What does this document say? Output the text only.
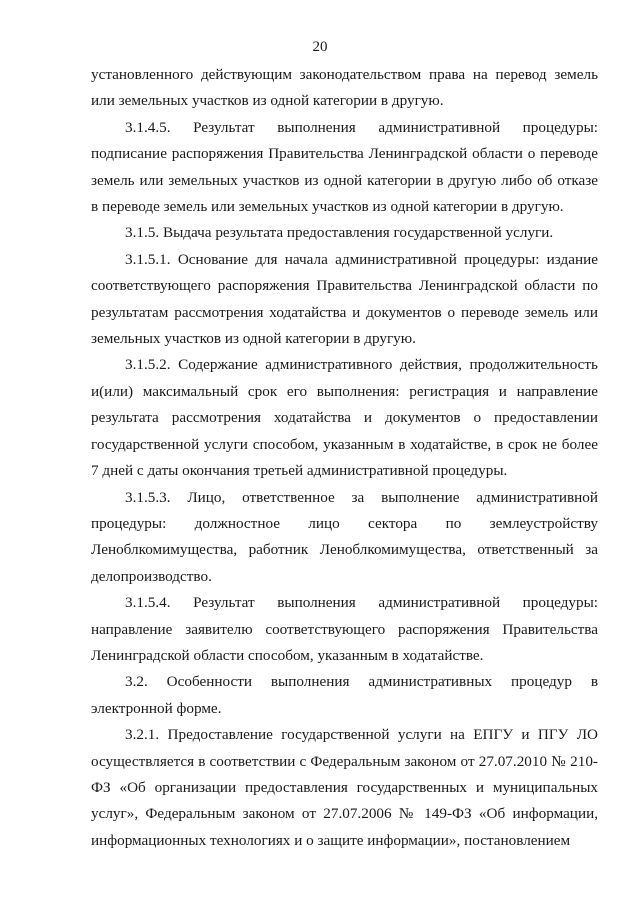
20
установленного действующим законодательством права на перевод земель
или земельных участков из одной категории в другую.
3.1.4.5. Результат выполнения административной процедуры:
подписание распоряжения Правительства Ленинградской области о переводе
земель или земельных участков из одной категории в другую либо об отказе
в переводе земель или земельных участков из одной категории в другую.
3.1.5. Выдача результата предоставления государственной услуги.
3.1.5.1. Основание для начала административной процедуры: издание
соответствующего распоряжения Правительства Ленинградской области по
результатам рассмотрения ходатайства и документов о переводе земель или
земельных участков из одной категории в другую.
3.1.5.2. Содержание административного действия, продолжительность
и(или) максимальный срок его выполнения: регистрация и направление
результата рассмотрения ходатайства и документов о предоставлении
государственной услуги способом, указанным в ходатайстве, в срок не более
7 дней с даты окончания третьей административной процедуры.
3.1.5.3. Лицо, ответственное за выполнение административной
процедуры: должностное лицо сектора по землеустройству
Леноблкомимущества, работник Леноблкомимущества, ответственный за
делопроизводство.
3.1.5.4. Результат выполнения административной процедуры:
направление заявителю соответствующего распоряжения Правительства
Ленинградской области способом, указанным в ходатайстве.
3.2. Особенности выполнения административных процедур в
электронной форме.
3.2.1. Предоставление государственной услуги на ЕПГУ и ПГУ ЛО
осуществляется в соответствии с Федеральным законом от 27.07.2010 № 210-
ФЗ «Об организации предоставления государственных и муниципальных
услуг», Федеральным законом от 27.07.2006 № 149-ФЗ «Об информации,
информационных технологиях и о защите информации», постановлением
